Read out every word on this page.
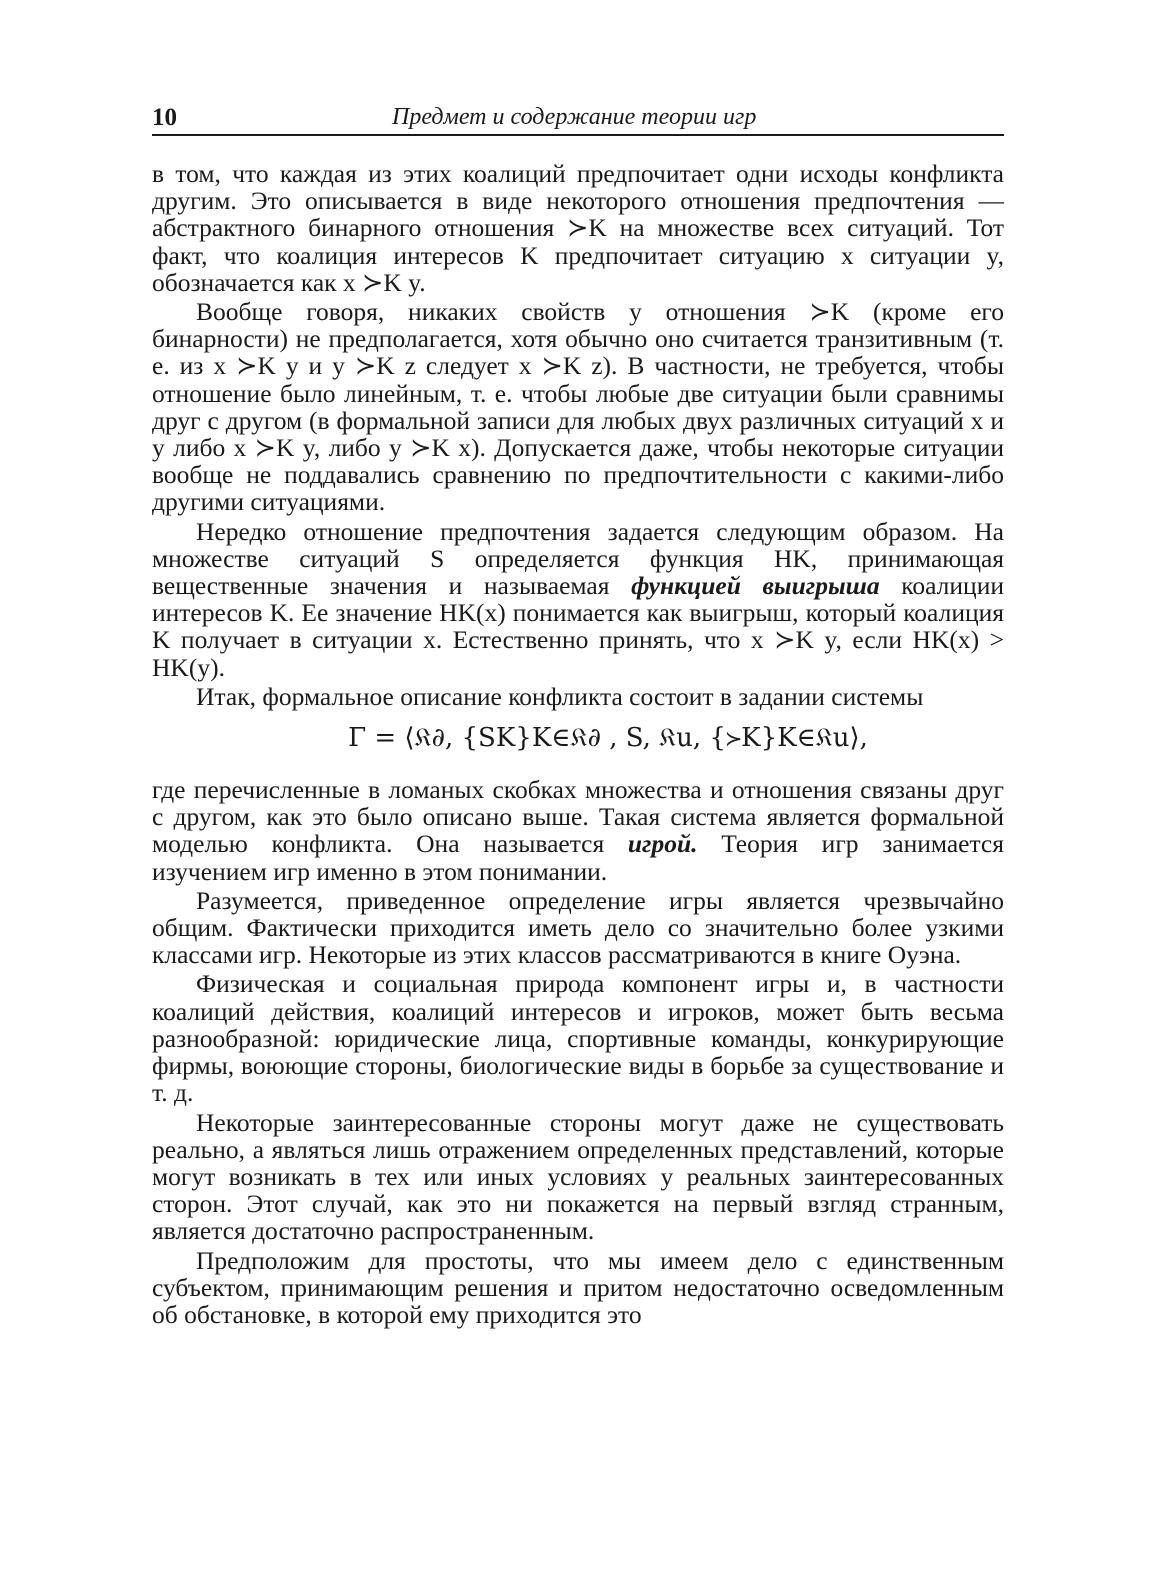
10	Предмет и содержание теории игр

в том, что каждая из этих коалиций предпочитает одни исходы конфликта другим. Это описывается в виде некоторого отношения предпочтения — абстрактного бинарного отношения ≻K на множестве всех ситуаций. Тот факт, что коалиция интересов K предпочитает ситуацию x ситуации y, обозначается как x ≻K y.

Вообще говоря, никаких свойств у отношения ≻K (кроме его бинарности) не предполагается, хотя обычно оно считается транзитивным (т. е. из x ≻K y и y ≻K z следует x ≻K z). В частности, не требуется, чтобы отношение было линейным, т. е. чтобы любые две ситуации были сравнимы друг с другом (в формальной записи для любых двух различных ситуаций x и y либо x ≻K y, либо y ≻K x). Допускается даже, чтобы некоторые ситуации вообще не поддавались сравнению по предпочтительности с какими-либо другими ситуациями.

Нередко отношение предпочтения задается следующим образом. На множестве ситуаций S определяется функция HK, принимающая вещественные значения и называемая функцией выигрыша коалиции интересов K. Ее значение HK(x) понимается как выигрыш, который коалиция K получает в ситуации x. Естественно принять, что x ≻K y, если HK(x) > HK(y).

Итак, формальное описание конфликта состоит в задании системы

Γ = ⟨𝔎∂, {SK}K∈𝔎∂ , S, 𝔎u, {≻K}K∈𝔎u⟩,

где перечисленные в ломаных скобках множества и отношения связаны друг с другом, как это было описано выше. Такая система является формальной моделью конфликта. Она называется игрой. Теория игр занимается изучением игр именно в этом понимании.

Разумеется, приведенное определение игры является чрезвычайно общим. Фактически приходится иметь дело со значительно более узкими классами игр. Некоторые из этих классов рассматриваются в книге Оуэна.

Физическая и социальная природа компонент игры и, в частности коалиций действия, коалиций интересов и игроков, может быть весьма разнообразной: юридические лица, спортивные команды, конкурирующие фирмы, воюющие стороны, биологические виды в борьбе за существование и т. д.

Некоторые заинтересованные стороны могут даже не существовать реально, а являться лишь отражением определенных представлений, которые могут возникать в тех или иных условиях у реальных заинтересованных сторон. Этот случай, как это ни покажется на первый взгляд странным, является достаточно распространенным.

Предположим для простоты, что мы имеем дело с единственным субъектом, принимающим решения и притом недостаточно осведомленным об обстановке, в которой ему приходится это
